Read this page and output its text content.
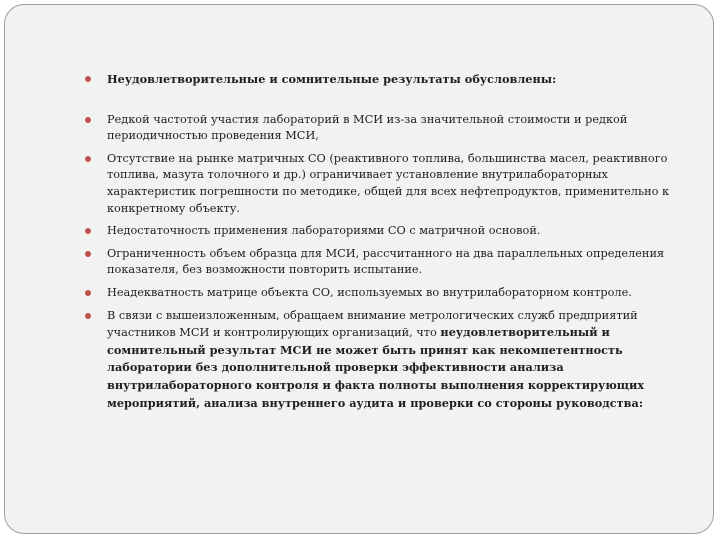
Неудовлетворительные и сомнительные результаты обусловлены:
Редкой частотой участия лабораторий в МСИ из-за значительной стоимости и редкой периодичностью проведения МСИ,
Отсутствие на рынке матричных СО (реактивного топлива, большинства масел, реактивного топлива, мазута толочного и др.) ограничивает установление внутрилабораторных характеристик погрешности по методике, общей для всех нефтепродуктов, применительно к конкретному объекту.
Недостаточность применения лабораториями СО с матричной основой.
Ограниченность объем образца для МСИ, рассчитанного на два параллельных определения показателя, без возможности повторить испытание.
Неадекватность матрице объекта СО, используемых во внутрилабораторном контроле.
В связи с вышеизложенным, обращаем внимание метрологических служб предприятий участников МСИ и контролирующих организаций, что неудовлетворительный и сомнительный результат МСИ не может быть принят как некомпетентность лаборатории без дополнительной проверки эффективности анализа внутрилабораторного контроля и факта полноты выполнения корректирующих мероприятий, анализа внутреннего аудита и проверки со стороны руководства:
